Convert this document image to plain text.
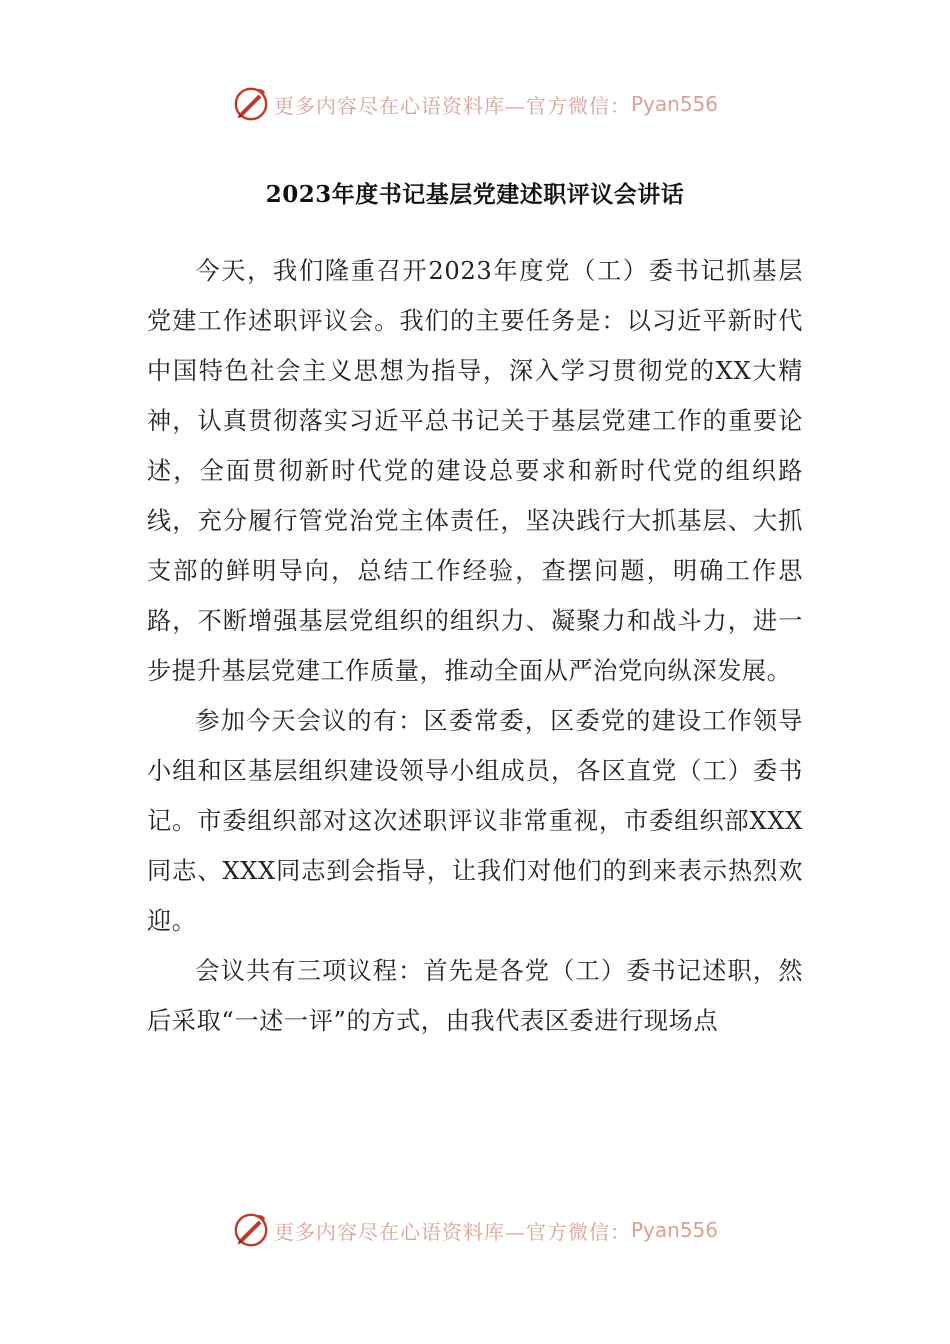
更多内容尽在心语资料库—官方微信： Pyan556
2023年度书记基层党建述职评议会讲话

今天，我们隆重召开2023年度党（工）委书记抓基层党建工作述职评议会。我们的主要任务是：以习近平新时代中国特色社会主义思想为指导，深入学习贯彻党的XX大精神，认真贯彻落实习近平总书记关于基层党建工作的重要论述，全面贯彻新时代党的建设总要求和新时代党的组织路线，充分履行管党治党主体责任，坚决践行大抓基层、大抓支部的鲜明导向，总结工作经验，查摆问题，明确工作思路，不断增强基层党组织的组织力、凝聚力和战斗力，进一步提升基层党建工作质量，推动全面从严治党向纵深发展。

参加今天会议的有：区委常委，区委党的建设工作领导小组和区基层组织建设领导小组成员，各区直党（工）委书记。市委组织部对这次述职评议非常重视，市委组织部XXX同志、XXX同志到会指导，让我们对他们的到来表示热烈欢迎。

会议共有三项议程：首先是各党（工）委书记述职，然后采取“一述一评”的方式，由我代表区委进行现场点

更多内容尽在心语资料库—官方微信： Pyan556
